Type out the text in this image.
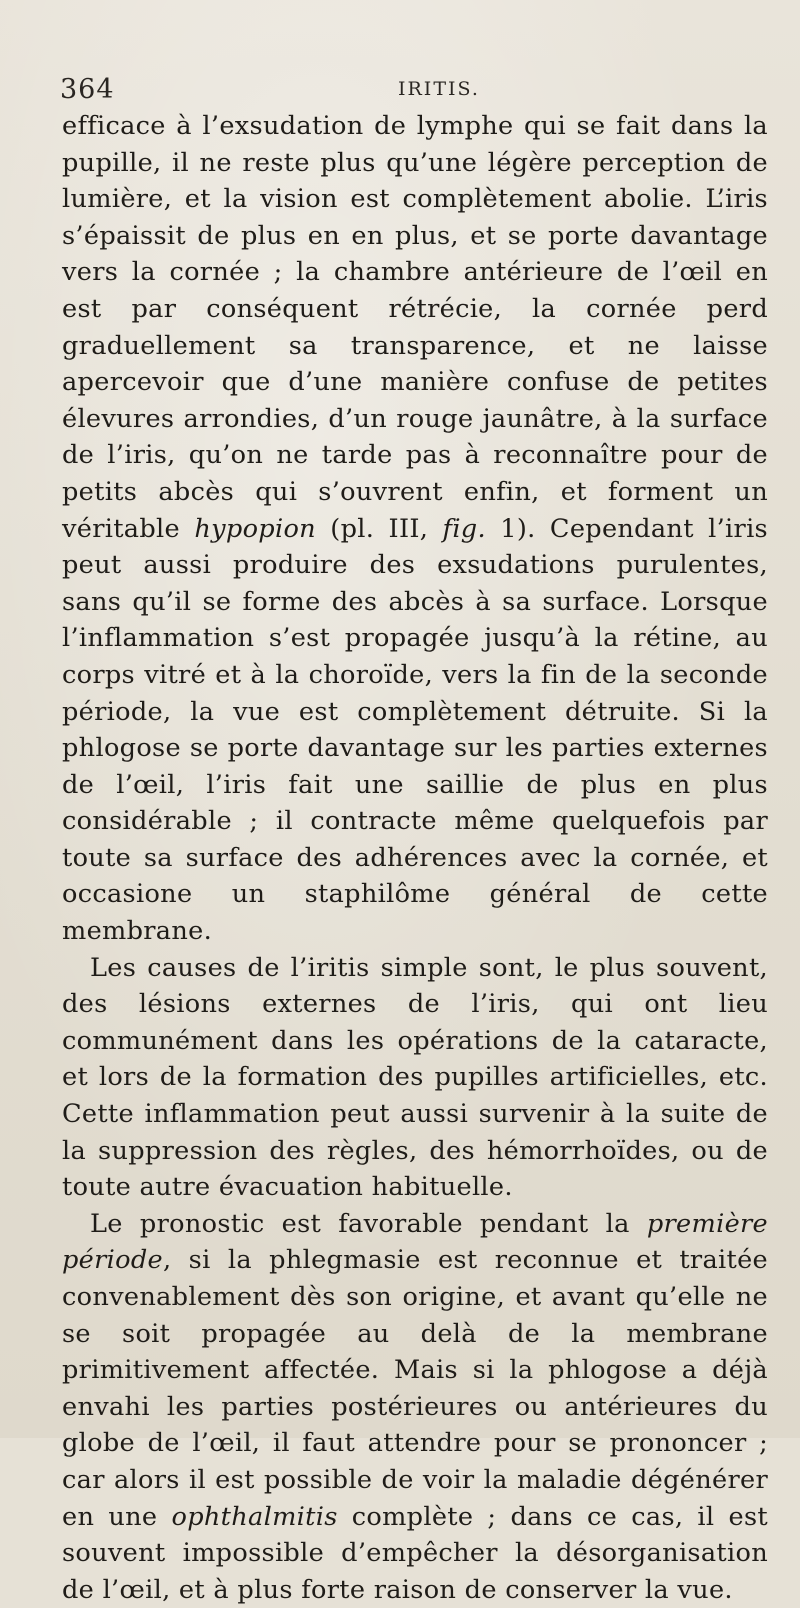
364	IRITIS.

efficace à l’exsudation de lymphe qui se fait dans la pupille, il ne reste plus qu’une légère perception de lumière, et la vision est complètement abolie. L’iris s’épaissit de plus en en plus, et se porte davantage vers la cornée ; la chambre antérieure de l’œil en est par conséquent rétrécie, la cornée perd graduellement sa transparence, et ne laisse apercevoir que d’une manière confuse de petites élevures arrondies, d’un rouge jaunâtre, à la surface de l’iris, qu’on ne tarde pas à reconnaître pour de petits abcès qui s’ouvrent enfin, et forment un véritable hypopion (pl. III, fig. 1). Cependant l’iris peut aussi produire des exsudations purulentes, sans qu’il se forme des abcès à sa surface. Lorsque l’inflammation s’est propagée jusqu’à la rétine, au corps vitré et à la choroïde, vers la fin de la seconde période, la vue est complètement détruite. Si la phlogose se porte davantage sur les parties externes de l’œil, l’iris fait une saillie de plus en plus considérable ; il contracte même quelquefois par toute sa surface des adhérences avec la cornée, et occasione un staphilôme général de cette membrane.

Les causes de l’iritis simple sont, le plus souvent, des lésions externes de l’iris, qui ont lieu communément dans les opérations de la cataracte, et lors de la formation des pupilles artificielles, etc. Cette inflammation peut aussi survenir à la suite de la suppression des règles, des hémorrhoïdes, ou de toute autre évacuation habituelle.

Le pronostic est favorable pendant la première période, si la phlegmasie est reconnue et traitée convenablement dès son origine, et avant qu’elle ne se soit propagée au delà de la membrane primitivement affectée. Mais si la phlogose a déjà envahi les parties postérieures ou antérieures du globe de l’œil, il faut attendre pour se prononcer ; car alors il est possible de voir la maladie dégénérer en une ophthalmitis complète ; dans ce cas, il est souvent impossible d’empêcher la désorganisation de l’œil, et à plus forte raison de conserver la vue.
